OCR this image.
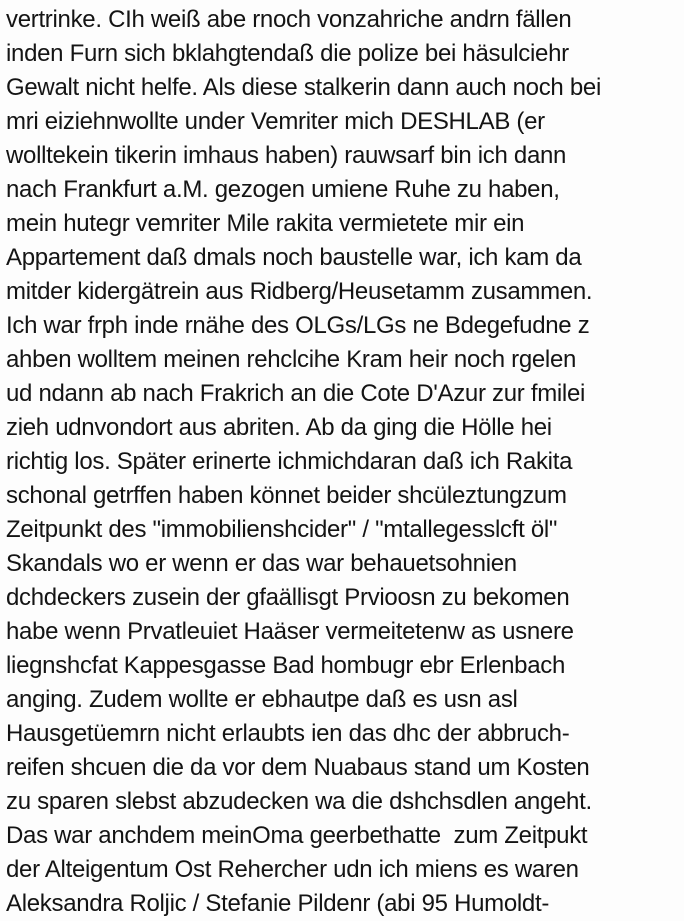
vertrinke. CIh weiß abe rnoch vonzahriche andrn fällen
inden Furn sich bklahgtendaß die polize bei häsulciehr
Gewalt nicht helfe. Als diese stalkerin dann auch noch bei
mri eiziehnwollte under Vemriter mich DESHLAB (er
wolltekein tikerin imhaus haben) rauwsarf bin ich dann
nach Frankfurt a.M. gezogen umiene Ruhe zu haben,
mein hutegr vemriter Mile rakita vermietete mir ein
Appartement daß dmals noch baustelle war, ich kam da
mitder kidergätrein aus Ridberg/Heusetamm zusammen.
Ich war frph inde rnähe des OLGs/LGs ne Bdegefudne z
ahben wolltem meinen rehclcihe Kram heir noch rgelen
ud ndann ab nach Frakrich an die Cote D'Azur zur fmilei
zieh udnvondort aus abriten. Ab da ging die Hölle hei
richtig los. Später erinerte ichmichdaran daß ich Rakita
schonal getrffen haben könnet beider shcüleztungzum
Zeitpunkt des "immobilienshcider" / "mtallegesslcft öl"
Skandals wo er wenn er das war behauetsohnien
dchdeckers zusein der gfaällisgt Prvioosn zu bekomen
habe wenn Prvatleuiet Haäser vermeitetenw as usnere
liegnshcfat Kappesgasse Bad hombugr ebr Erlenbach
anging. Zudem wollte er ebhautpe daß es usn asl
Hausgetüemrn nicht erlaubts ien das dhc der abbruch-
reifen shcuen die da vor dem Nuabaus stand um Kosten
zu sparen slebst abzudecken wa die dshchsdlen angeht.
Das war anchdem meinOma geerbethatte  zum Zeitpukt
der Alteigentum Ost Rehercher udn ich miens es waren
Aleksandra Roljic / Stefanie Pildenr (abi 95 Humoldt-
